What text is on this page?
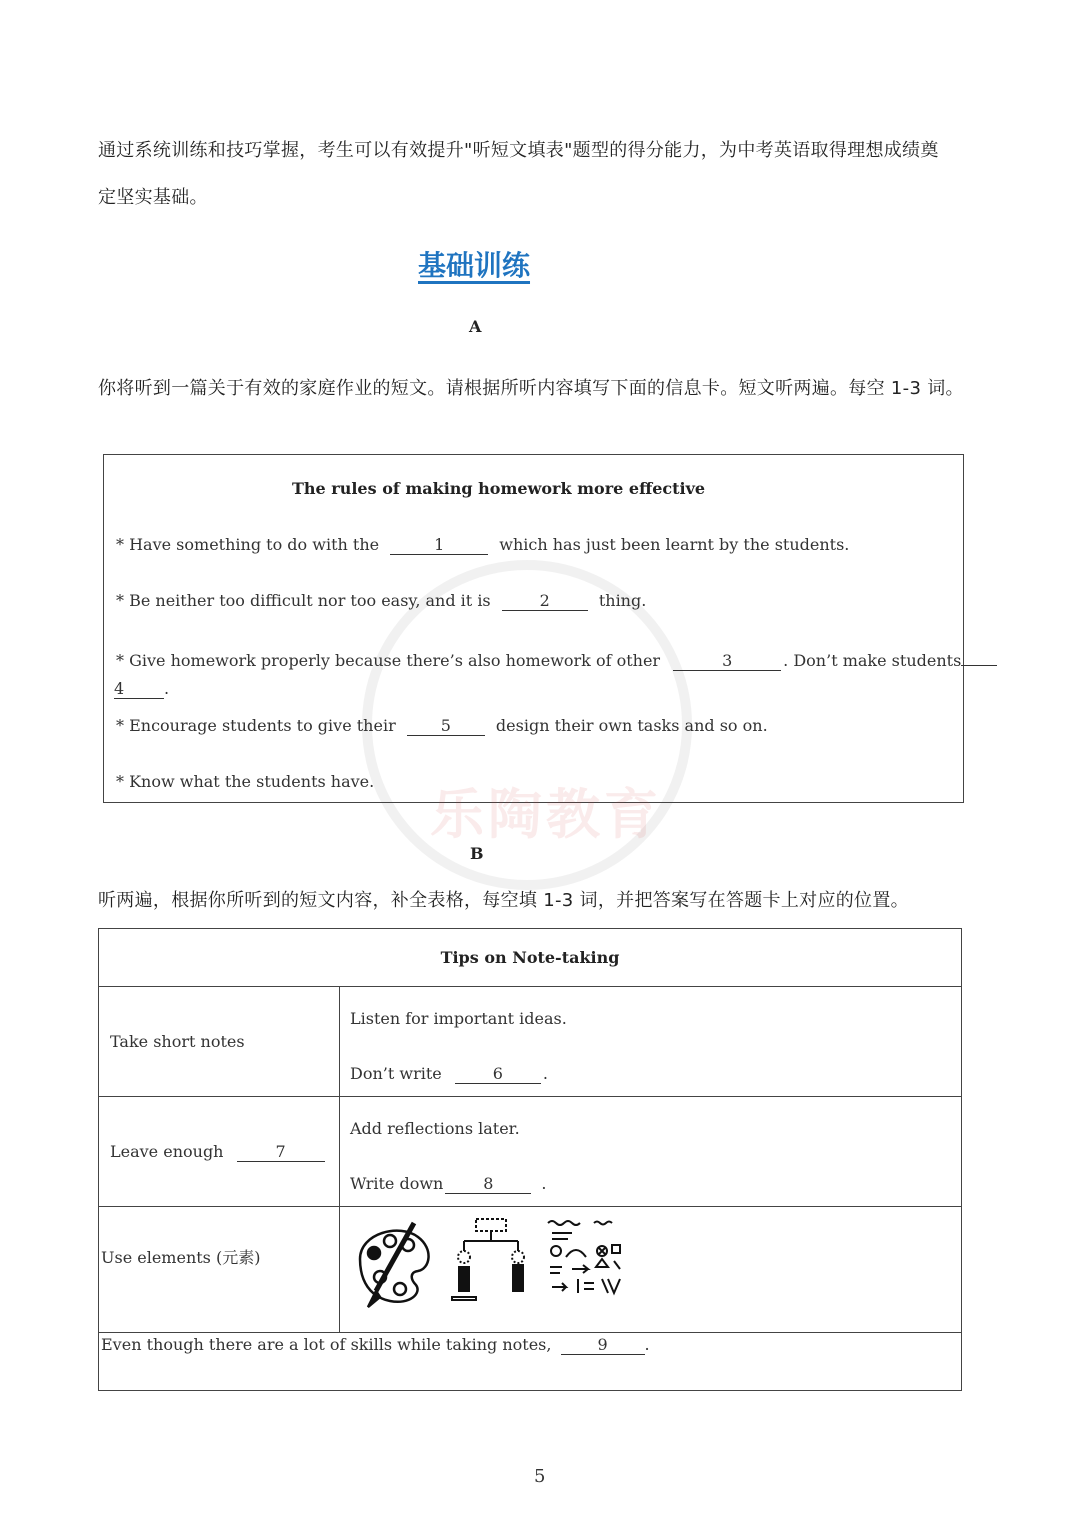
通过系统训练和技巧掌握，考生可以有效提升"听短文填表"题型的得分能力，为中考英语取得理想成绩奠
定坚实基础。
基础训练
A
你将听到一篇关于有效的家庭作业的短文。请根据所听内容填写下面的信息卡。短文听两遍。每空 1-3 词。
The rules of making homework more effective
* Have something to do with the	1	which has just been learnt by the students.
* Be neither too difficult nor too easy, and it is	2	thing.
* Give homework properly because there’s also homework of other	3	. Don’t make students
4 .
* Encourage students to give their	5	design their own tasks and so on.
* Know what the students have.
乐陶教育
B
听两遍，根据你所听到的短文内容，补全表格，每空填 1-3 词，并把答案写在答题卡上对应的位置。
Tips on Note-taking	
Take short notes	Listen for important ideas.
Don’t write 6 .

Leave enough 7	Add reflections later.
Write down 8 .

Use elements (元素)

Even though there are a lot of skills while taking notes, 9 .	
5
